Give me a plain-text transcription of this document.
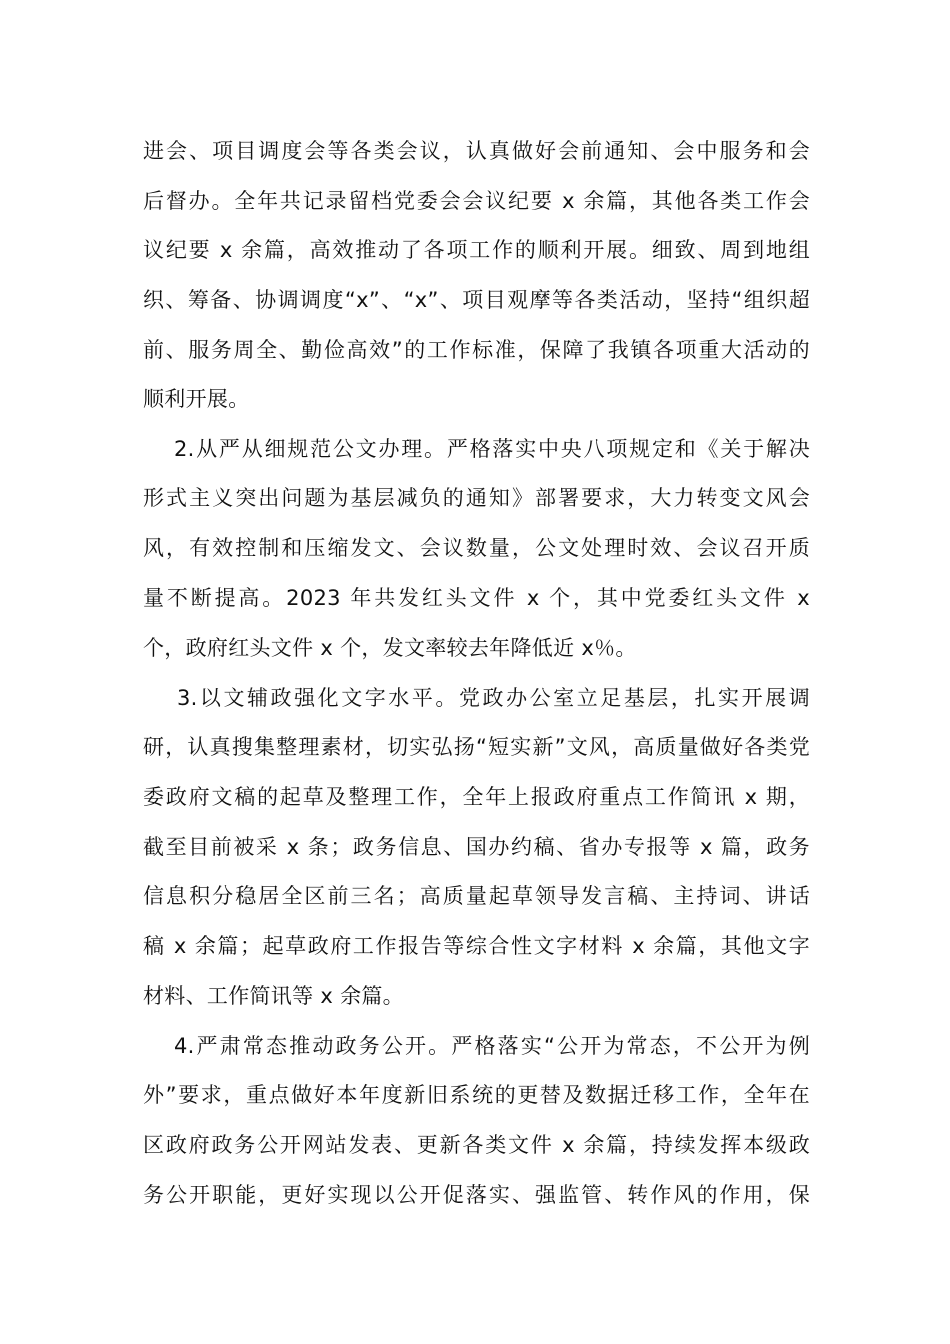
进会、项目调度会等各类会议，认真做好会前通知、会中服务和会
后督办。全年共记录留档党委会会议纪要 x 余篇，其他各类工作会
议纪要 x 余篇，高效推动了各项工作的顺利开展。细致、周到地组
织、筹备、协调调度“x”、“x”、项目观摩等各类活动，坚持“组织超
前、服务周全、勤俭高效”的工作标准，保障了我镇各项重大活动的
顺利开展。
2.从严从细规范公文办理。严格落实中央八项规定和《关于解决
形式主义突出问题为基层减负的通知》部署要求，大力转变文风会
风，有效控制和压缩发文、会议数量，公文处理时效、会议召开质
量不断提高。2023 年共发红头文件 x 个，其中党委红头文件 x
个，政府红头文件 x 个，发文率较去年降低近 x％。
3.以文辅政强化文字水平。党政办公室立足基层，扎实开展调
研，认真搜集整理素材，切实弘扬“短实新”文风，高质量做好各类党
委政府文稿的起草及整理工作，全年上报政府重点工作简讯 x 期，
截至目前被采 x 条；政务信息、国办约稿、省办专报等 x 篇，政务
信息积分稳居全区前三名；高质量起草领导发言稿、主持词、讲话
稿 x 余篇；起草政府工作报告等综合性文字材料 x 余篇，其他文字
材料、工作简讯等 x 余篇。
4.严肃常态推动政务公开。严格落实“公开为常态，不公开为例
外”要求，重点做好本年度新旧系统的更替及数据迁移工作，全年在
区政府政务公开网站发表、更新各类文件 x 余篇，持续发挥本级政
务公开职能，更好实现以公开促落实、强监管、转作风的作用，保
